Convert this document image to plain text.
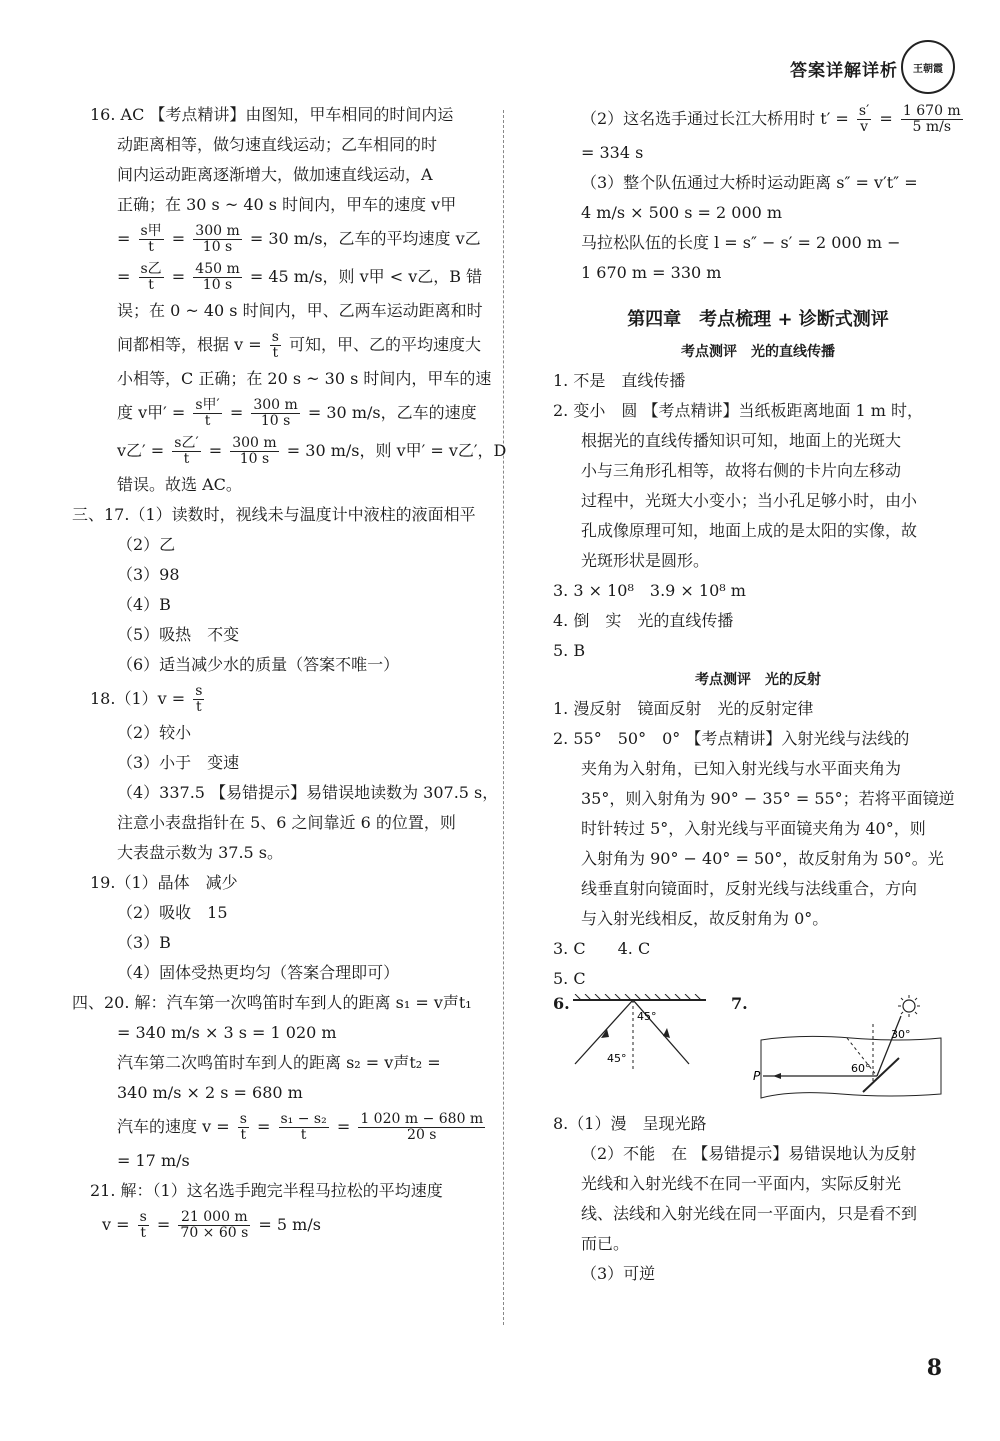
答案详解详析 王朝霞
16. AC 【考点精讲】由图知，甲车相同的时间内运
动距离相等，做匀速直线运动；乙车相同的时
间内运动距离逐渐增大，做加速直线运动，A
正确；在 30 s ~ 40 s 时间内，甲车的速度 v甲
= $\frac{\text{s甲}}{t} = \frac{300 m}{10 s} = 30$ m/s，乙车的平均速度 v乙
= $\frac{\text{s乙}}{t} = \frac{450 m}{10 s} = 45$ m/s，则 v甲 < v乙，B 错
误；在 0 ~ 40 s 时间内，甲、乙两车运动距离和时
间都相等，根据 $v = \frac{s}{t}$ 可知，甲、乙的平均速度大
小相等，C 正确；在 20 s ~ 30 s 时间内，甲车的速
度 v甲′ = $\frac{\text{s甲′}}{t} = \frac{300 m}{10 s} = 30$ m/s，乙车的速度
v乙′ = $\frac{\text{s乙′}}{t} = \frac{300 m}{10 s} = 30$ m/s，则 v甲′ = v乙′，D
错误。故选 AC。
三、17.（1）读数时，视线未与温度计中液柱的液面相平
（2）乙
（3）98
（4）B
（5）吸热　不变
（6）适当减少水的质量（答案不唯一）
$18.(1)v = \frac{s}{t}$
（2）较小
（3）小于　变速
（4）337.5 【易错提示】易错误地读数为 307.5 s，
注意小表盘指针在 5、6 之间靠近 6 的位置，则
大表盘示数为 37.5 s。
19.（1）晶体　减少
（2）吸收　15
（3）B
（4）固体受热更均匀（答案合理即可）
四、20. 解：汽车第一次鸣笛时车到人的距离 s₁ = v声t₁
= 340 m/s × 3 s = 1 020 m
汽车第二次鸣笛时车到人的距离 s₂ = v声t₂ =
340 m/s × 2 s = 680 m
汽车的速度 $v = \frac{s}{t} = \frac{\text{s₁ − s₂}}{t} = \frac{1 020 m - 680 m}{20 s}$
= 17 m/s
21. 解：（1）这名选手跑完半程马拉松的平均速度
$v = \frac{s}{t} = \frac{21 000 m}{70 \times 60 s} = 5$ m/s
（2）这名选手通过长江大桥用时 $t' = \frac{s'}{v} = \frac{1 670 m}{5 m/s}$
= 334 s
（3）整个队伍通过大桥时运动距离 s″ = v′t″ =
4 m/s × 500 s = 2 000 m
马拉松队伍的长度 l = s″ − s′ = 2 000 m −
1 670 m = 330 m
第四章　考点梳理 + 诊断式测评
考点测评　光的直线传播
1. 不是　直线传播
2. 变小　圆 【考点精讲】当纸板距离地面 1 m 时，
根据光的直线传播知识可知，地面上的光斑大
小与三角形孔相等，故将右侧的卡片向左移动
过程中，光斑大小变小；当小孔足够小时，由小
孔成像原理可知，地面上成的是太阳的实像，故
光斑形状是圆形。
3. 3 × 10⁸　3.9 × 10⁸ m
4. 倒　实　光的直线传播
5. B
考点测评　光的反射
1. 漫反射　镜面反射　光的反射定律
2. 55°　50°　0° 【考点精讲】入射光线与法线的
夹角为入射角，已知入射光线与水平面夹角为
35°，则入射角为 90° − 35° = 55°；若将平面镜逆
时针转过 5°，入射光线与平面镜夹角为 40°，则
入射角为 90° − 40° = 50°，故反射角为 50°。光
线垂直射向镜面时，反射光线与法线重合，方向
与入射光线相反，故反射角为 0°。
3. C　　4. C
5. C
6.
45°
45°
7.
30°
60°
P
8.（1）漫　呈现光路
（2）不能　在 【易错提示】易错误地认为反射
光线和入射光线不在同一平面内，实际反射光
线、法线和入射光线在同一平面内，只是看不到
而已。
（3）可逆
8
